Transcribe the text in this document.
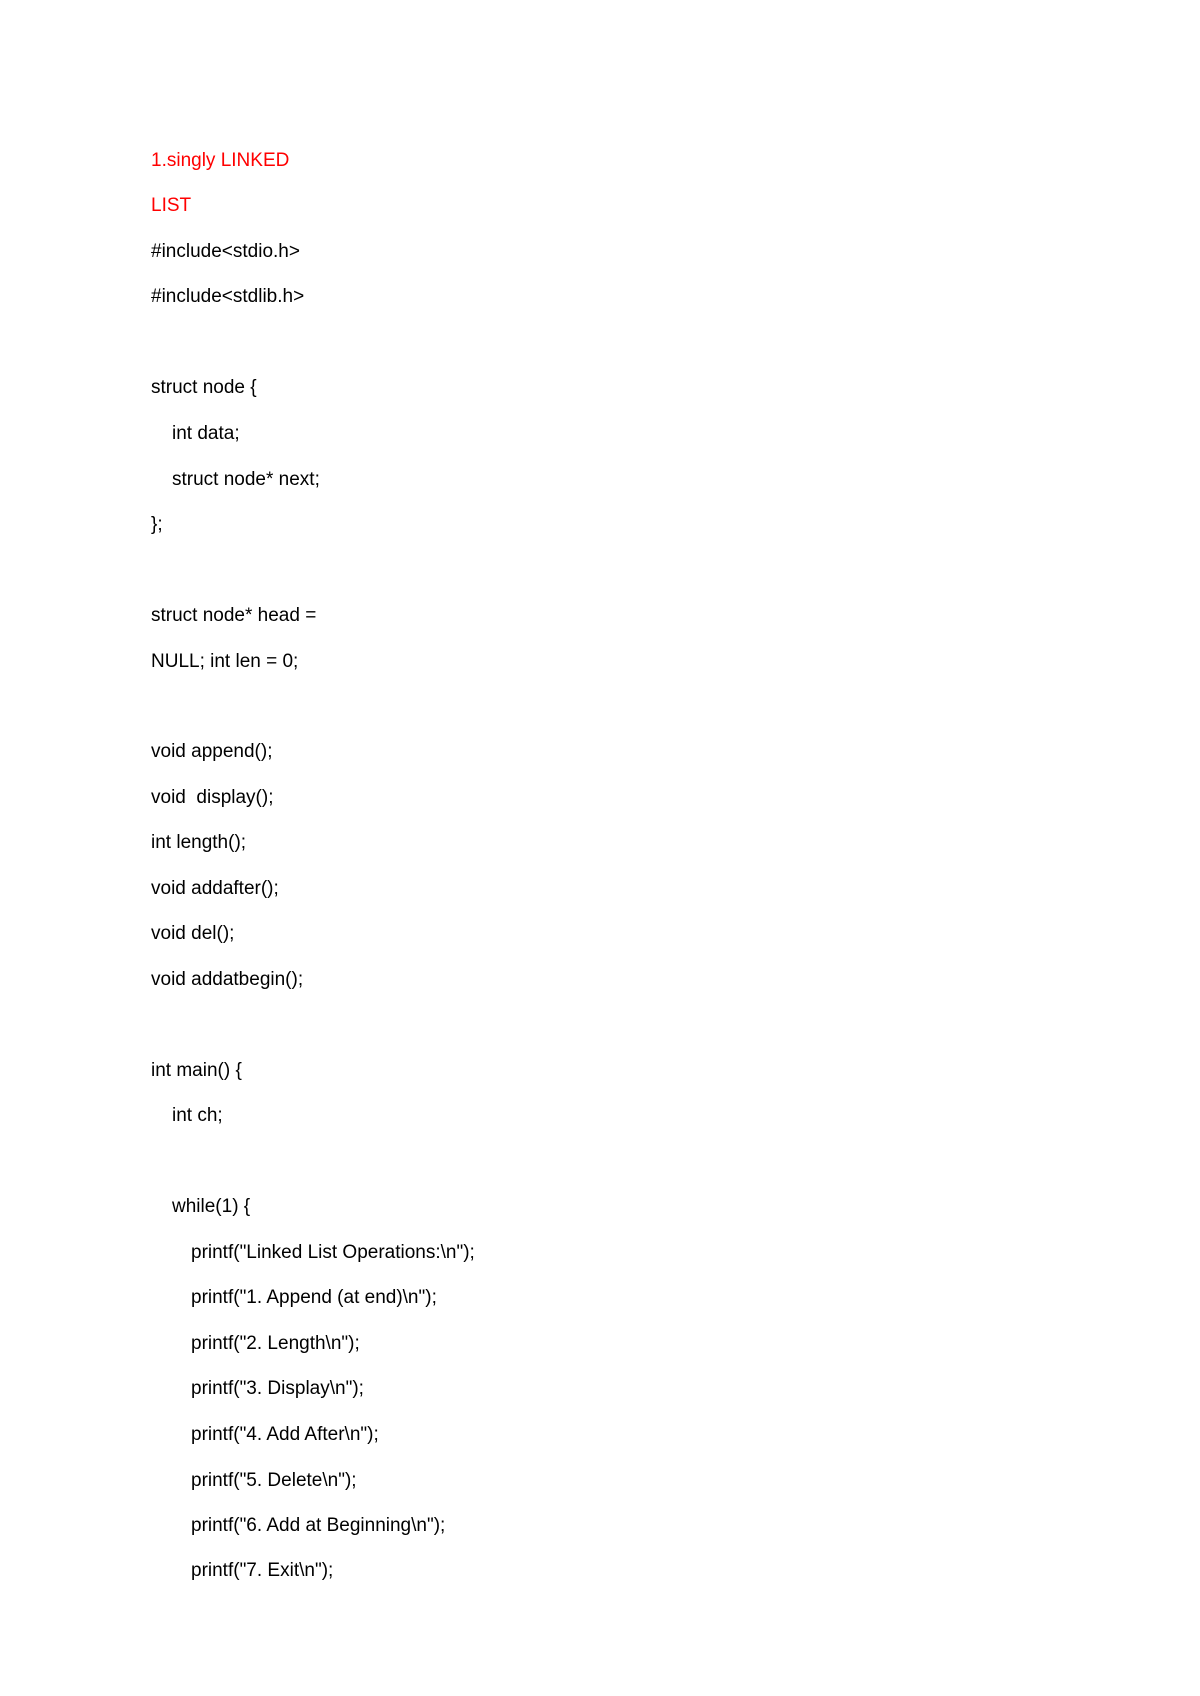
1.singly LINKED
LIST
#include<stdio.h>
#include<stdlib.h>
struct node {
int data;
struct node* next;
};
struct node* head =
NULL; int len = 0;
void append();
void  display();
int length();
void addafter();
void del();
void addatbegin();
int main() {
int ch;
while(1) {
printf("Linked List Operations:\n");
printf("1. Append (at end)\n");
printf("2. Length\n");
printf("3. Display\n");
printf("4. Add After\n");
printf("5. Delete\n");
printf("6. Add at Beginning\n");
printf("7. Exit\n");
